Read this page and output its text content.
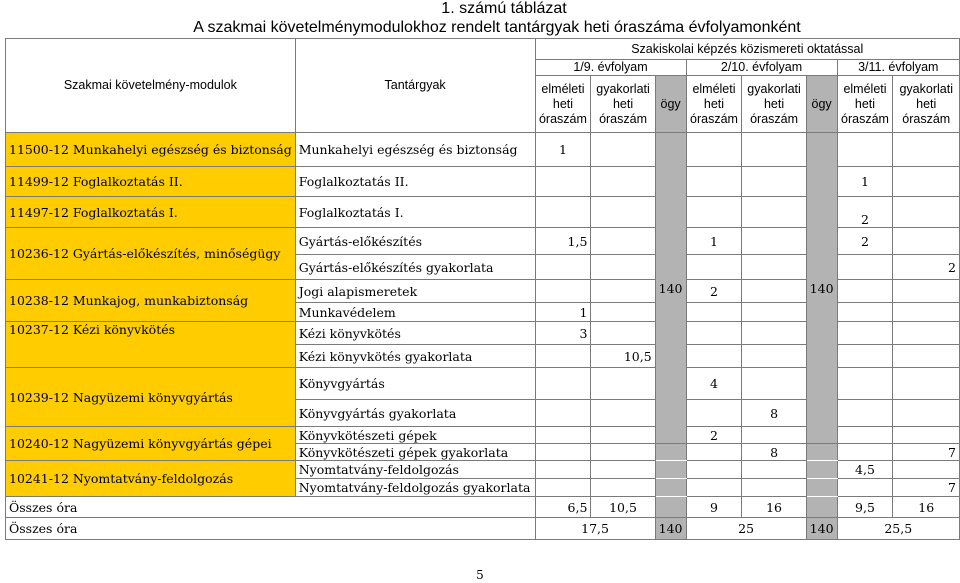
1. számú táblázat
A szakmai követelménymodulokhoz rendelt tantárgyak heti óraszáma évfolyamonként
Szakmai követelmény-modulok	Tantárgyak	Szakiskolai képzés közismereti oktatással							
		1/9. évfolyam			2/10. évfolyam			3/11. évfolyam	
		elméleti heti óraszám	gyakorlati heti óraszám	ögy	elméleti heti óraszám	gyakorlati heti óraszám	ögy	elméleti heti óraszám	gyakorlati heti óraszám
11500-12 Munkahelyi egészség és biztonság	Munkahelyi egészség és biztonság	1		140			140		
11499-12 Foglalkoztatás II.	Foglalkoztatás II.							1	
11497-12 Foglalkoztatás I.	Foglalkoztatás I.							2	
10236-12 Gyártás-előkészítés, minőségügy	Gyártás-előkészítés	1,5			1			2	
	Gyártás-előkészítés gyakorlata								2
10238-12 Munkajog, munkabiztonság	Jogi alapismeretek				2				
	Munkavédelem	1							
10237-12 Kézi könyvkötés	Kézi könyvkötés	3							
	Kézi könyvkötés gyakorlata		10,5						
10239-12 Nagyüzemi könyvgyártás	Könyvgyártás				4				
	Könyvgyártás gyakorlata					8			
10240-12 Nagyüzemi könyvgyártás gépei	Könyvkötészeti gépek				2				
	Könyvkötészeti gépek gyakorlata					8			7
10241-12 Nyomtatvány-feldolgozás	Nyomtatvány-feldolgozás							4,5	
	Nyomtatvány-feldolgozás gyakorlata								7
Összes óra		6,5	10,5		9	16		9,5	16
Összes óra		17,5		140	25		140	25,5	
5
